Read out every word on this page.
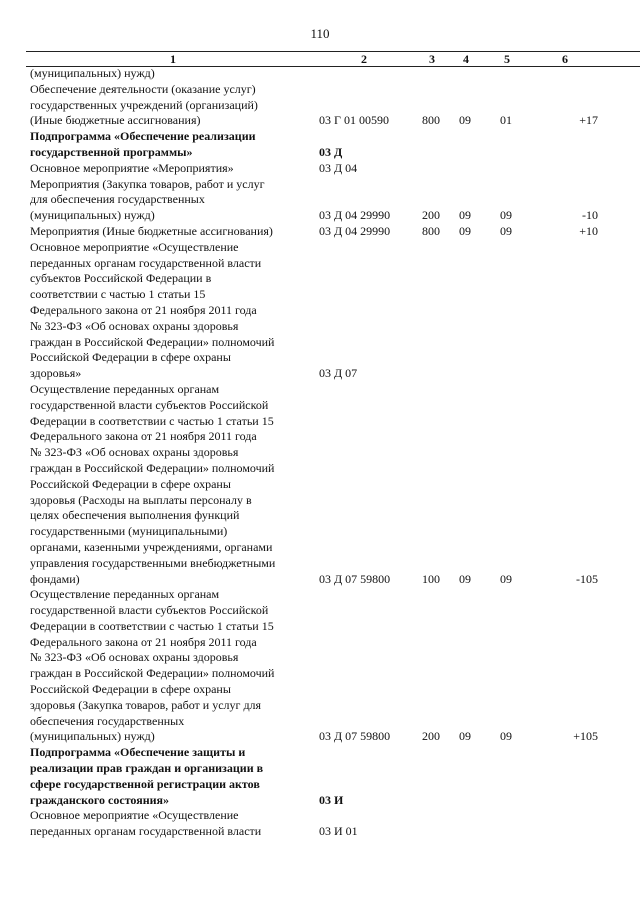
110
1	2	3 4	5	6
(муниципальных) нужд)
Обеспечение деятельности (оказание услуг)
государственных учреждений (организаций)
(Иные бюджетные ассигнования)	03 Г 01 00590	800 09 01	+17
Подпрограмма «Обеспечение реализации
государственной программы»	03 Д
Основное мероприятие «Мероприятия»	03 Д 04
Мероприятия (Закупка товаров, работ и услуг
для обеспечения государственных
(муниципальных) нужд)	03 Д 04 29990	200 09 09	-10
Мероприятия (Иные бюджетные ассигнования)	03 Д 04 29990	800 09 09	+10
Основное мероприятие «Осуществление
переданных органам государственной власти
субъектов Российской Федерации в
соответствии с частью 1 статьи 15
Федерального закона от 21 ноября 2011 года
№ 323-ФЗ «Об основах охраны здоровья
граждан в Российской Федерации» полномочий
Российской Федерации в сфере охраны
здоровья»	03 Д 07
Осуществление переданных органам
государственной власти субъектов Российской
Федерации в соответствии с частью 1 статьи 15
Федерального закона от 21 ноября 2011 года
№ 323-ФЗ «Об основах охраны здоровья
граждан в Российской Федерации» полномочий
Российской Федерации в сфере охраны
здоровья (Расходы на выплаты персоналу в
целях обеспечения выполнения функций
государственными (муниципальными)
органами, казенными учреждениями, органами
управления государственными внебюджетными
фондами)	03 Д 07 59800	100 09 09	-105
Осуществление переданных органам
государственной власти субъектов Российской
Федерации в соответствии с частью 1 статьи 15
Федерального закона от 21 ноября 2011 года
№ 323-ФЗ «Об основах охраны здоровья
граждан в Российской Федерации» полномочий
Российской Федерации в сфере охраны
здоровья (Закупка товаров, работ и услуг для
обеспечения государственных
(муниципальных) нужд)	03 Д 07 59800	200 09 09	+105
Подпрограмма «Обеспечение защиты и
реализации прав граждан и организации в
сфере государственной регистрации актов
гражданского состояния»	03 И
Основное мероприятие «Осуществление
переданных органам государственной власти	03 И 01
